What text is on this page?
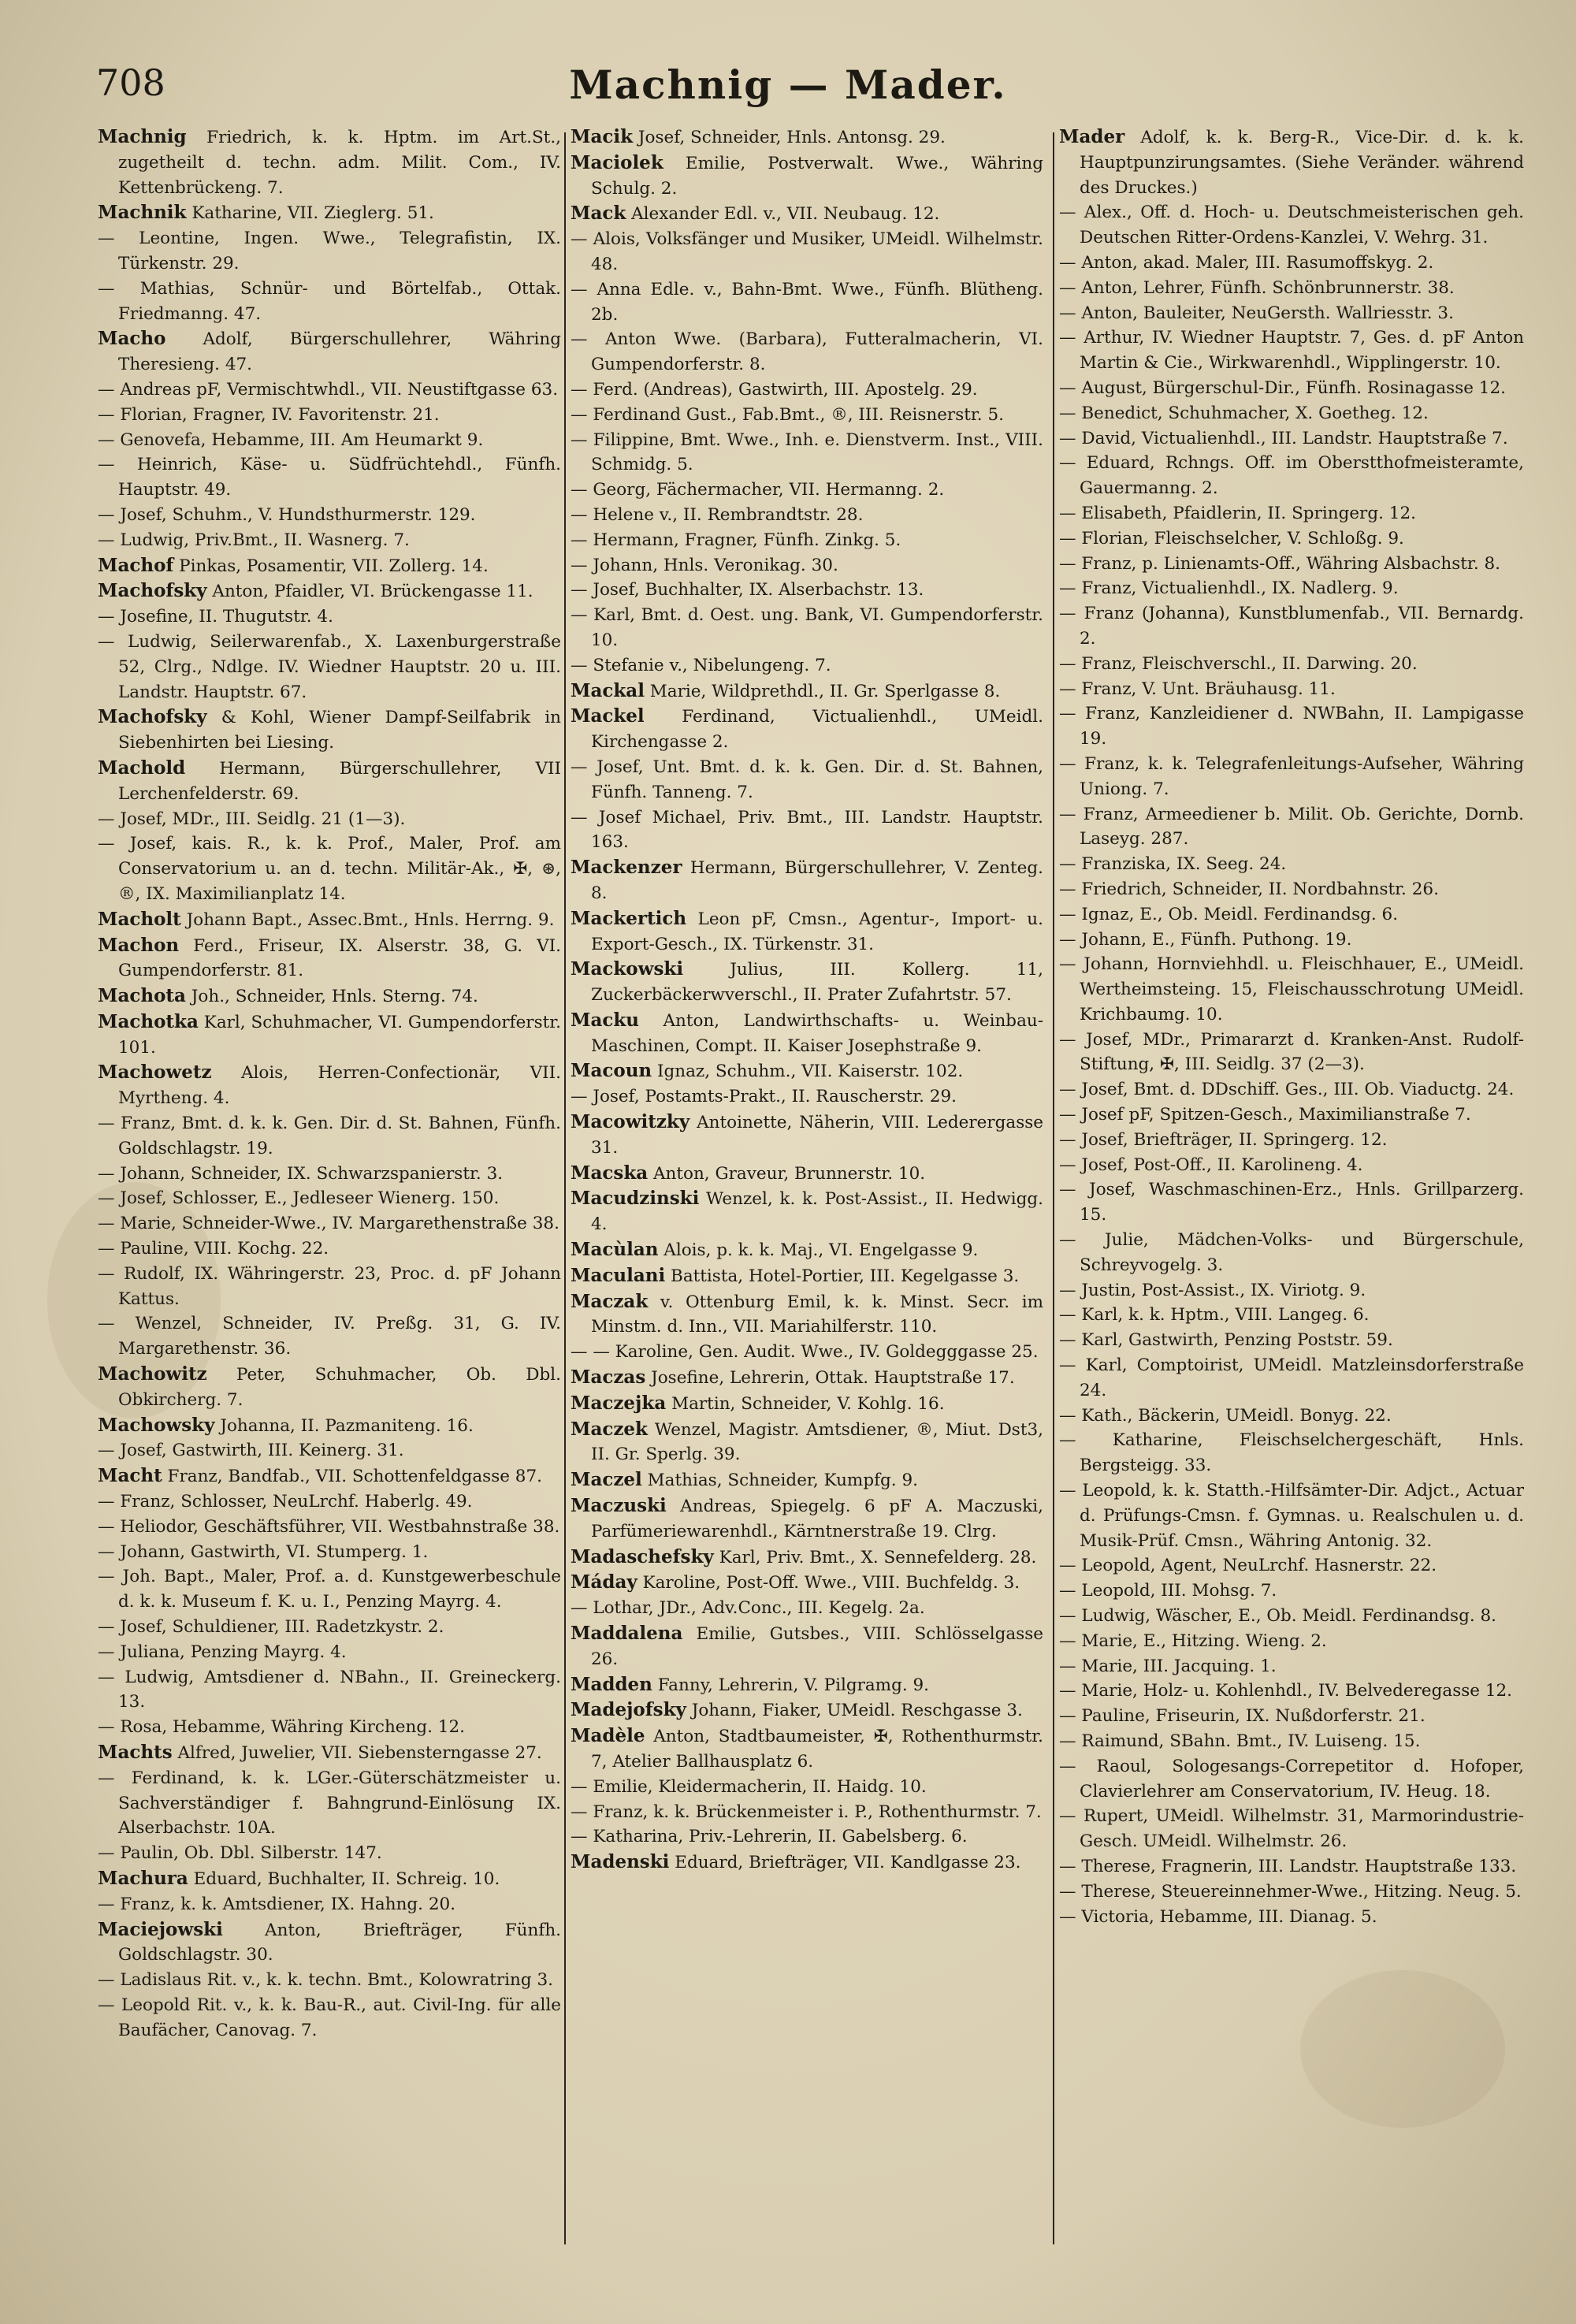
708	Machnig — Mader.
Machnig Friedrich, k. k. Hptm. im Art.St., zugetheilt d. techn. adm. Milit. Com., IV. Kettenbrückeng. 7.
Machnik Katharine, VII. Zieglerg. 51.
— Leontine, Ingen. Wwe., Telegrafistin, IX. Türkenstr. 29.
— Mathias, Schnür- und Börtelfab., Ottak. Friedmanng. 47.
Macho Adolf, Bürgerschullehrer, Währing Theresieng. 47.
— Andreas pF, Vermischtwhdl., VII. Neustiftgasse 63.
— Florian, Fragner, IV. Favoritenstr. 21.
— Genovefa, Hebamme, III. Am Heumarkt 9.
— Heinrich, Käse- u. Südfrüchtehdl., Fünfh. Hauptstr. 49.
— Josef, Schuhm., V. Hundsthurmerstr. 129.
— Ludwig, Priv.Bmt., II. Wasnerg. 7.
Machof Pinkas, Posamentir, VII. Zollerg. 14.
Machofsky Anton, Pfaidler, VI. Brückengasse 11.
— Josefine, II. Thugutstr. 4.
— Ludwig, Seilerwarenfab., X. Laxenburgerstraße 52, Clrg., Ndlge. IV. Wiedner Hauptstr. 20 u. III. Landstr. Hauptstr. 67.
Machofsky & Kohl, Wiener Dampf-Seilfabrik in Siebenhirten bei Liesing.
Machold Hermann, Bürgerschullehrer, VII Lerchenfelderstr. 69.
— Josef, MDr., III. Seidlg. 21 (1—3).
— Josef, kais. R., k. k. Prof., Maler, Prof. am Conservatorium u. an d. techn. Militär-Ak., ✠, ⊛, ®, IX. Maximilianplatz 14.
Macholt Johann Bapt., Assec.Bmt., Hnls. Herrng. 9.
Machon Ferd., Friseur, IX. Alserstr. 38, G. VI. Gumpendorferstr. 81.
Machota Joh., Schneider, Hnls. Sterng. 74.
Machotka Karl, Schuhmacher, VI. Gumpendorferstr. 101.
Machowetz Alois, Herren-Confectionär, VII. Myrtheng. 4.
— Franz, Bmt. d. k. k. Gen. Dir. d. St. Bahnen, Fünfh. Goldschlagstr. 19.
— Johann, Schneider, IX. Schwarzspanierstr. 3.
— Josef, Schlosser, E., Jedleseer Wienerg. 150.
— Marie, Schneider-Wwe., IV. Margarethenstraße 38.
— Pauline, VIII. Kochg. 22.
— Rudolf, IX. Währingerstr. 23, Proc. d. pF Johann Kattus.
— Wenzel, Schneider, IV. Preßg. 31, G. IV. Margarethenstr. 36.
Machowitz Peter, Schuhmacher, Ob. Dbl. Obkircherg. 7.
Machowsky Johanna, II. Pazmaniteng. 16.
— Josef, Gastwirth, III. Keinerg. 31.
Macht Franz, Bandfab., VII. Schottenfeldgasse 87.
— Franz, Schlosser, NeuLrchf. Haberlg. 49.
— Heliodor, Geschäftsführer, VII. Westbahnstraße 38.
— Johann, Gastwirth, VI. Stumperg. 1.
— Joh. Bapt., Maler, Prof. a. d. Kunstgewerbeschule d. k. k. Museum f. K. u. I., Penzing Mayrg. 4.
— Josef, Schuldiener, III. Radetzkystr. 2.
— Juliana, Penzing Mayrg. 4.
— Ludwig, Amtsdiener d. NBahn., II. Greineckerg. 13.
— Rosa, Hebamme, Währing Kircheng. 12.
Machts Alfred, Juwelier, VII. Siebensterngasse 27.
— Ferdinand, k. k. LGer.-Güterschätzmeister u. Sachverständiger f. Bahngrund-Einlösung IX. Alserbachstr. 10A.
— Paulin, Ob. Dbl. Silberstr. 147.
Machura Eduard, Buchhalter, II. Schreig. 10.
— Franz, k. k. Amtsdiener, IX. Hahng. 20.
Maciejowski Anton, Briefträger, Fünfh. Goldschlagstr. 30.
— Ladislaus Rit. v., k. k. techn. Bmt., Kolowratring 3.
— Leopold Rit. v., k. k. Bau-R., aut. Civil-Ing. für alle Baufächer, Canovag. 7.
Macik Josef, Schneider, Hnls. Antonsg. 29.
Maciolek Emilie, Postverwalt. Wwe., Währing Schulg. 2.
Mack Alexander Edl. v., VII. Neubaug. 12.
— Alois, Volksfänger und Musiker, UMeidl. Wilhelmstr. 48.
— Anna Edle. v., Bahn-Bmt. Wwe., Fünfh. Blütheng. 2b.
— Anton Wwe. (Barbara), Futteralmacherin, VI. Gumpendorferstr. 8.
— Ferd. (Andreas), Gastwirth, III. Apostelg. 29.
— Ferdinand Gust., Fab.Bmt., ®, III. Reisnerstr. 5.
— Filippine, Bmt. Wwe., Inh. e. Dienstverm. Inst., VIII. Schmidg. 5.
— Georg, Fächermacher, VII. Hermanng. 2.
— Helene v., II. Rembrandtstr. 28.
— Hermann, Fragner, Fünfh. Zinkg. 5.
— Johann, Hnls. Veronikag. 30.
— Josef, Buchhalter, IX. Alserbachstr. 13.
— Karl, Bmt. d. Oest. ung. Bank, VI. Gumpendorferstr. 10.
— Stefanie v., Nibelungeng. 7.
Mackal Marie, Wildprethdl., II. Gr. Sperlgasse 8.
Mackel Ferdinand, Victualienhdl., UMeidl. Kirchengasse 2.
— Josef, Unt. Bmt. d. k. k. Gen. Dir. d. St. Bahnen, Fünfh. Tanneng. 7.
— Josef Michael, Priv. Bmt., III. Landstr. Hauptstr. 163.
Mackenzer Hermann, Bürgerschullehrer, V. Zenteg. 8.
Mackertich Leon pF, Cmsn., Agentur-, Import- u. Export-Gesch., IX. Türkenstr. 31.
Mackowski Julius, III. Kollerg. 11, Zuckerbäckerwverschl., II. Prater Zufahrtstr. 57.
Macku Anton, Landwirthschafts- u. Weinbau-Maschinen, Compt. II. Kaiser Josephstraße 9.
Macoun Ignaz, Schuhm., VII. Kaiserstr. 102.
— Josef, Postamts-Prakt., II. Rauscherstr. 29.
Macowitzky Antoinette, Näherin, VIII. Lederergasse 31.
Macska Anton, Graveur, Brunnerstr. 10.
Macudzinski Wenzel, k. k. Post-Assist., II. Hedwigg. 4.
Macùlan Alois, p. k. k. Maj., VI. Engelgasse 9.
Maculani Battista, Hotel-Portier, III. Kegelgasse 3.
Maczak v. Ottenburg Emil, k. k. Minst. Secr. im Minstm. d. Inn., VII. Mariahilferstr. 110.
— — Karoline, Gen. Audit. Wwe., IV. Goldegggasse 25.
Maczas Josefine, Lehrerin, Ottak. Hauptstraße 17.
Maczejka Martin, Schneider, V. Kohlg. 16.
Maczek Wenzel, Magistr. Amtsdiener, ®, Miut. Dst3, II. Gr. Sperlg. 39.
Maczel Mathias, Schneider, Kumpfg. 9.
Maczuski Andreas, Spiegelg. 6 pF A. Maczuski, Parfümeriewarenhdl., Kärntnerstraße 19. Clrg.
Madaschefsky Karl, Priv. Bmt., X. Sennefelderg. 28.
Máday Karoline, Post-Off. Wwe., VIII. Buchfeldg. 3.
— Lothar, JDr., Adv.Conc., III. Kegelg. 2a.
Maddalena Emilie, Gutsbes., VIII. Schlösselgasse 26.
Madden Fanny, Lehrerin, V. Pilgramg. 9.
Madejofsky Johann, Fiaker, UMeidl. Reschgasse 3.
Madèle Anton, Stadtbaumeister, ✠, Rothenthurmstr. 7, Atelier Ballhausplatz 6.
— Emilie, Kleidermacherin, II. Haidg. 10.
— Franz, k. k. Brückenmeister i. P., Rothenthurmstr. 7.
— Katharina, Priv.-Lehrerin, II. Gabelsberg. 6.
Madenski Eduard, Briefträger, VII. Kandlgasse 23.
Mader Adolf, k. k. Berg-R., Vice-Dir. d. k. k. Hauptpunzirungsamtes. (Siehe Veränder. während des Druckes.)
— Alex., Off. d. Hoch- u. Deutschmeisterischen geh. Deutschen Ritter-Ordens-Kanzlei, V. Wehrg. 31.
— Anton, akad. Maler, III. Rasumoffskyg. 2.
— Anton, Lehrer, Fünfh. Schönbrunnerstr. 38.
— Anton, Bauleiter, NeuGersth. Wallriesstr. 3.
— Arthur, IV. Wiedner Hauptstr. 7, Ges. d. pF Anton Martin & Cie., Wirkwarenhdl., Wipplingerstr. 10.
— August, Bürgerschul-Dir., Fünfh. Rosinagasse 12.
— Benedict, Schuhmacher, X. Goetheg. 12.
— David, Victualienhdl., III. Landstr. Hauptstraße 7.
— Eduard, Rchngs. Off. im Oberstthofmeisteramte, Gauermanng. 2.
— Elisabeth, Pfaidlerin, II. Springerg. 12.
— Florian, Fleischselcher, V. Schloßg. 9.
— Franz, p. Linienamts-Off., Währing Alsbachstr. 8.
— Franz, Victualienhdl., IX. Nadlerg. 9.
— Franz (Johanna), Kunstblumenfab., VII. Bernardg. 2.
— Franz, Fleischverschl., II. Darwing. 20.
— Franz, V. Unt. Bräuhausg. 11.
— Franz, Kanzleidiener d. NWBahn, II. Lampigasse 19.
— Franz, k. k. Telegrafenleitungs-Aufseher, Währing Uniong. 7.
— Franz, Armeediener b. Milit. Ob. Gerichte, Dornb. Laseyg. 287.
— Franziska, IX. Seeg. 24.
— Friedrich, Schneider, II. Nordbahnstr. 26.
— Ignaz, E., Ob. Meidl. Ferdinandsg. 6.
— Johann, E., Fünfh. Puthong. 19.
— Johann, Hornviehhdl. u. Fleischhauer, E., UMeidl. Wertheimsteing. 15, Fleischausschrotung UMeidl. Krichbaumg. 10.
— Josef, MDr., Primararzt d. Kranken-Anst. Rudolf-Stiftung, ✠, III. Seidlg. 37 (2—3).
— Josef, Bmt. d. DDschiff. Ges., III. Ob. Viaductg. 24.
— Josef pF, Spitzen-Gesch., Maximilianstraße 7.
— Josef, Briefträger, II. Springerg. 12.
— Josef, Post-Off., II. Karolineng. 4.
— Josef, Waschmaschinen-Erz., Hnls. Grillparzerg. 15.
— Julie, Mädchen-Volks- und Bürgerschule, Schreyvogelg. 3.
— Justin, Post-Assist., IX. Viriotg. 9.
— Karl, k. k. Hptm., VIII. Langeg. 6.
— Karl, Gastwirth, Penzing Poststr. 59.
— Karl, Comptoirist, UMeidl. Matzleinsdorferstraße 24.
— Kath., Bäckerin, UMeidl. Bonyg. 22.
— Katharine, Fleischselchergeschäft, Hnls. Bergsteigg. 33.
— Leopold, k. k. Statth.-Hilfsämter-Dir. Adjct., Actuar d. Prüfungs-Cmsn. f. Gymnas. u. Realschulen u. d. Musik-Prüf. Cmsn., Währing Antonig. 32.
— Leopold, Agent, NeuLrchf. Hasnerstr. 22.
— Leopold, III. Mohsg. 7.
— Ludwig, Wäscher, E., Ob. Meidl. Ferdinandsg. 8.
— Marie, E., Hitzing. Wieng. 2.
— Marie, III. Jacquing. 1.
— Marie, Holz- u. Kohlenhdl., IV. Belvederegasse 12.
— Pauline, Friseurin, IX. Nußdorferstr. 21.
— Raimund, SBahn. Bmt., IV. Luiseng. 15.
— Raoul, Sologesangs-Correpetitor d. Hofoper, Clavierlehrer am Conservatorium, IV. Heug. 18.
— Rupert, UMeidl. Wilhelmstr. 31, Marmorindustrie-Gesch. UMeidl. Wilhelmstr. 26.
— Therese, Fragnerin, III. Landstr. Hauptstraße 133.
— Therese, Steuereinnehmer-Wwe., Hitzing. Neug. 5.
— Victoria, Hebamme, III. Dianag. 5.
